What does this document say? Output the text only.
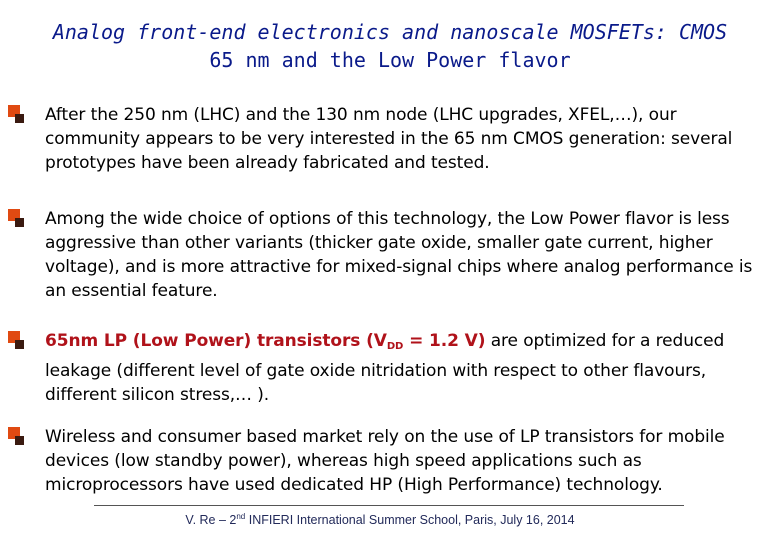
Analog front-end electronics and nanoscale MOSFETs: CMOS
65 nm and the Low Power flavor
After the 250 nm (LHC) and the 130 nm node (LHC upgrades, XFEL,…), our community appears to be very interested in the 65 nm CMOS generation: several prototypes have been already fabricated and tested.
Among the wide choice of options of this technology, the Low Power flavor is less aggressive than other variants (thicker gate oxide, smaller gate current, higher voltage), and is more attractive for mixed-signal chips where analog performance is an essential feature.
65nm LP (Low Power) transistors ($V_{DD} = 1.2$ V) are optimized for a reduced leakage (different level of gate oxide nitridation with respect to other flavours, different silicon stress,… ).
Wireless and consumer based market rely on the use of LP transistors for mobile devices (low standby power), whereas high speed applications such as microprocessors have used dedicated HP (High Performance) technology.
V. Re – 2nd INFIERI International Summer School, Paris, July 16, 2014
